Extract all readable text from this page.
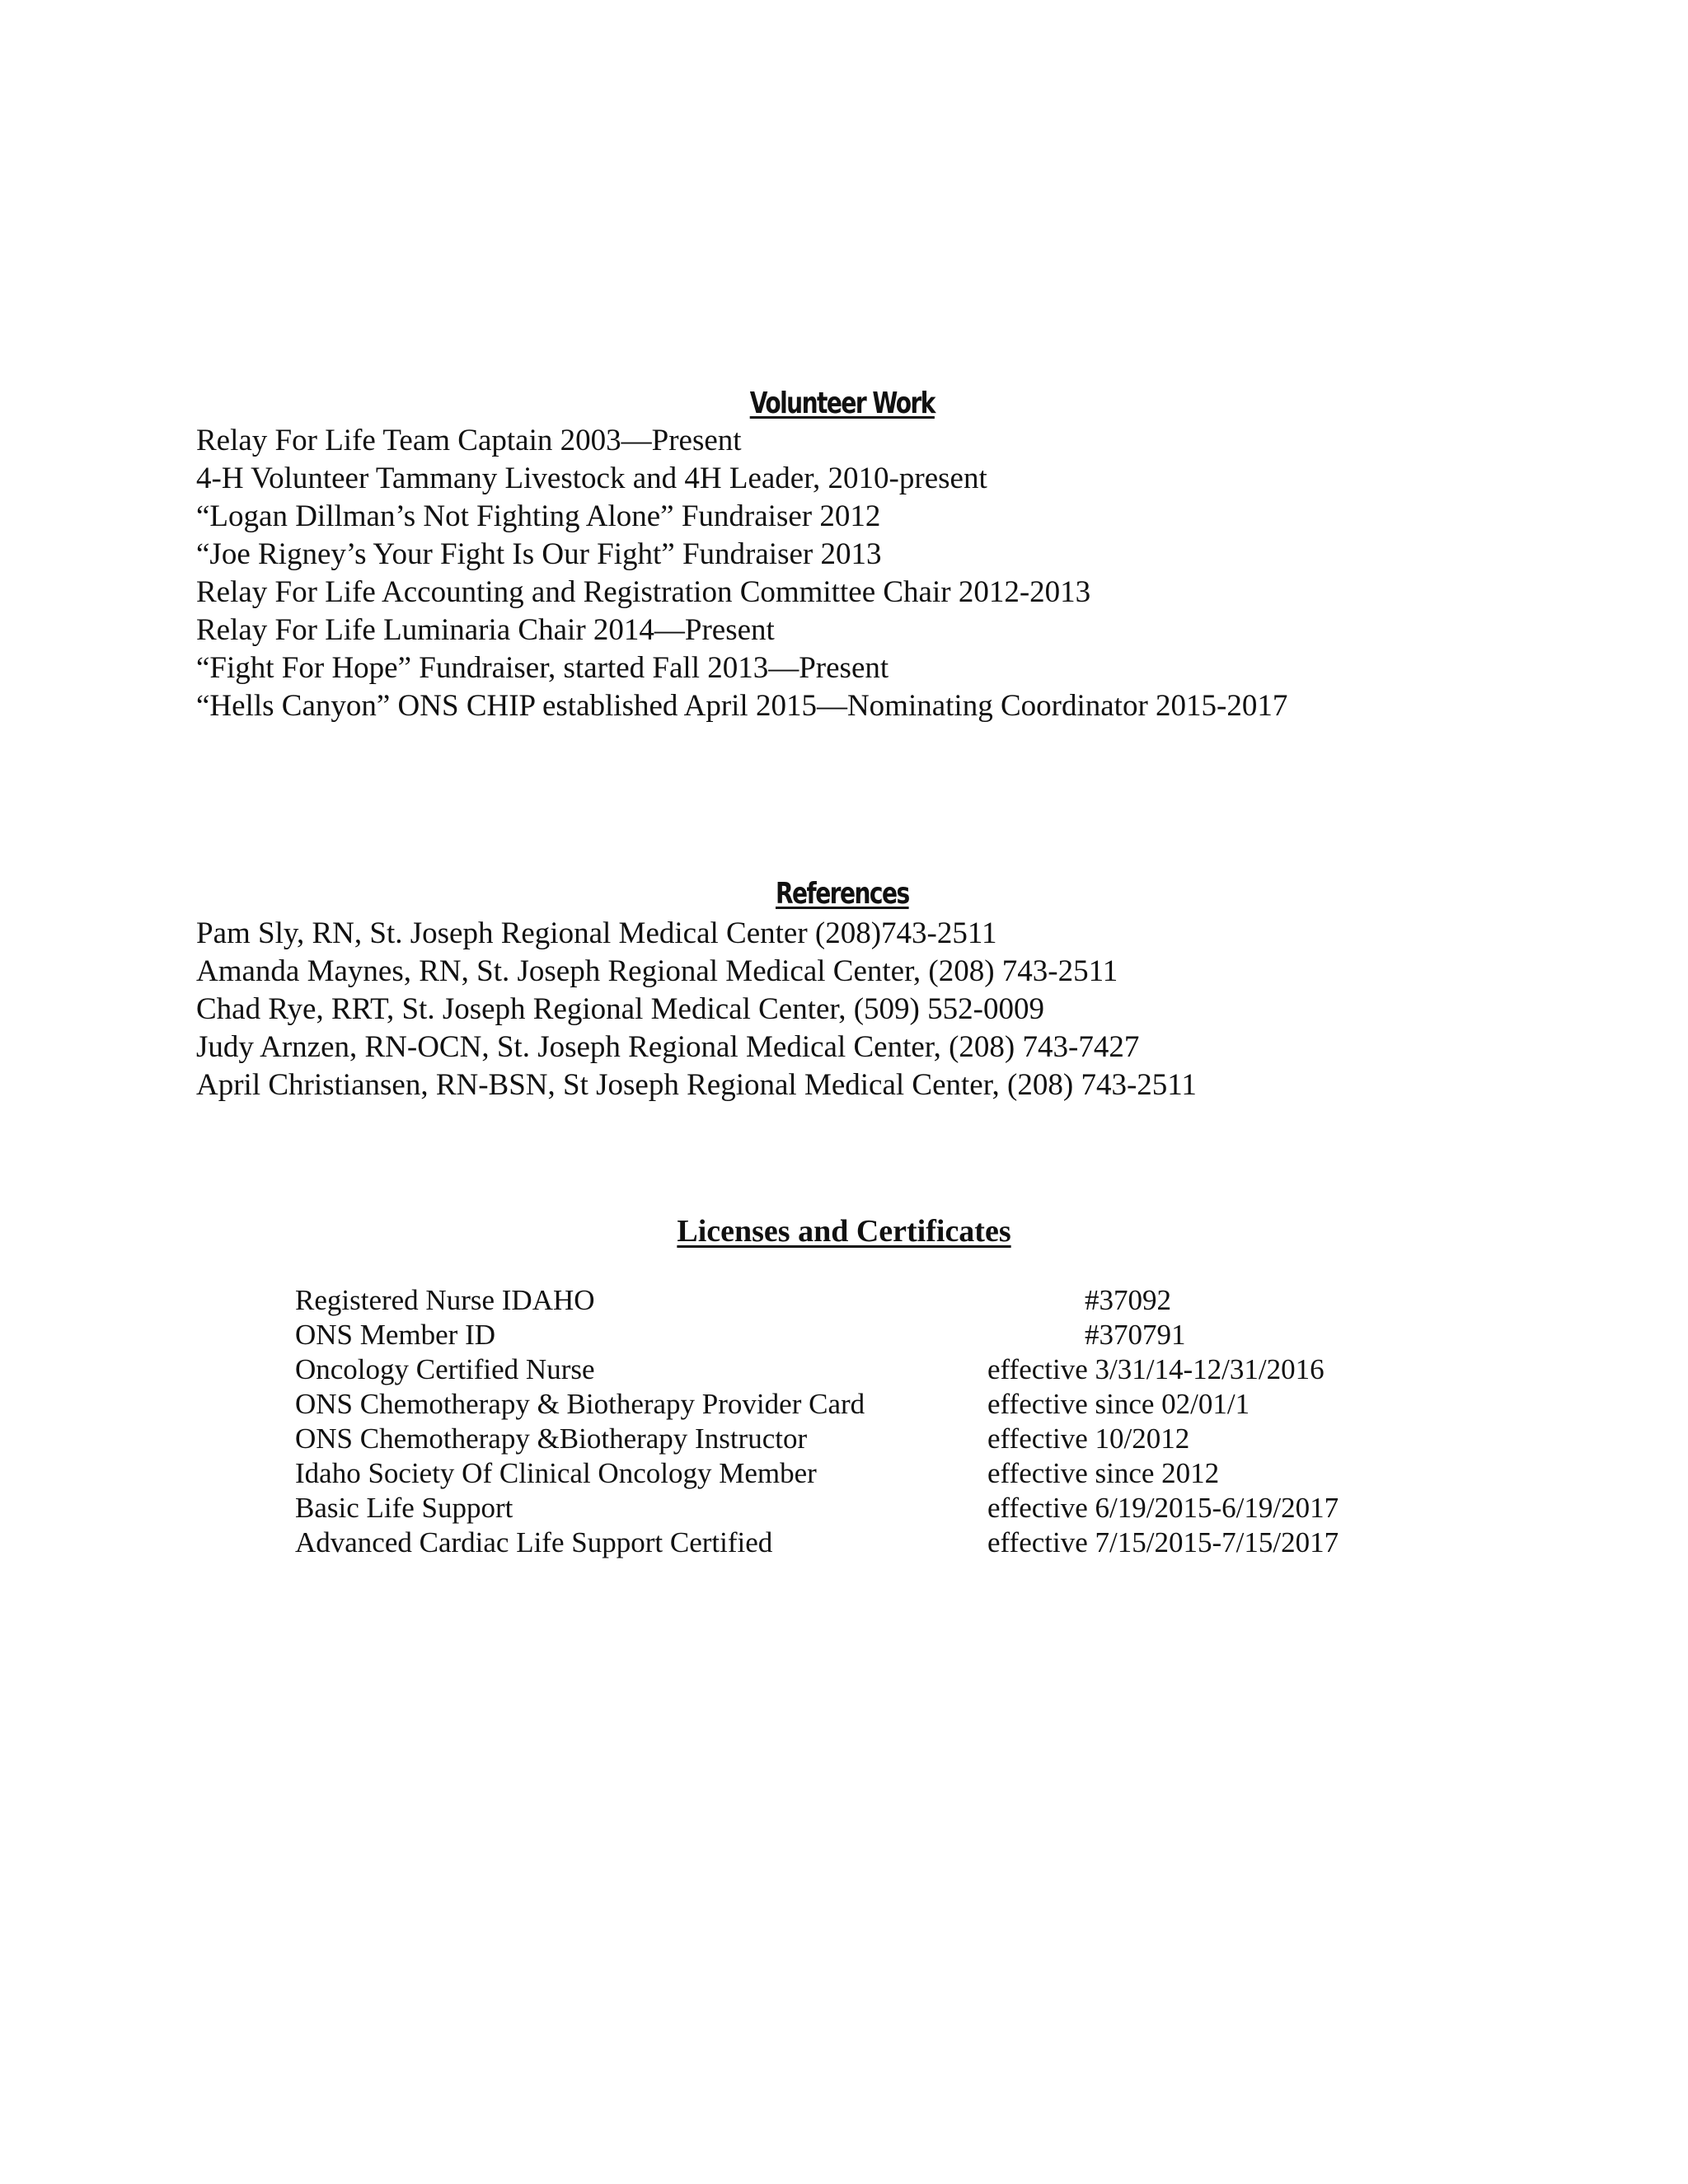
Volunteer Work
Relay For Life Team Captain 2003—Present
4-H Volunteer Tammany Livestock and 4H Leader, 2010-present
“Logan Dillman’s Not Fighting Alone” Fundraiser 2012
“Joe Rigney’s Your Fight Is Our Fight” Fundraiser 2013
Relay For Life Accounting and Registration Committee Chair 2012-2013
Relay For Life Luminaria Chair 2014—Present
“Fight For Hope” Fundraiser, started Fall 2013—Present
“Hells Canyon” ONS CHIP established April 2015—Nominating Coordinator 2015-2017
References
Pam Sly, RN, St. Joseph Regional Medical Center (208)743-2511
Amanda Maynes, RN, St. Joseph Regional Medical Center, (208) 743-2511
Chad Rye, RRT, St. Joseph Regional Medical Center, (509) 552-0009
Judy Arnzen, RN-OCN, St. Joseph Regional Medical Center, (208) 743-7427
April Christiansen, RN-BSN, St Joseph Regional Medical Center, (208) 743-2511
Licenses and Certificates
Registered Nurse IDAHO	#37092
ONS Member ID	#370791
Oncology Certified Nurse	effective 3/31/14-12/31/2016
ONS Chemotherapy & Biotherapy Provider Card	effective since 02/01/1
ONS Chemotherapy &Biotherapy Instructor	effective 10/2012
Idaho Society Of Clinical Oncology Member	effective since 2012
Basic Life Support	effective 6/19/2015-6/19/2017
Advanced Cardiac Life Support Certified	effective 7/15/2015-7/15/2017
